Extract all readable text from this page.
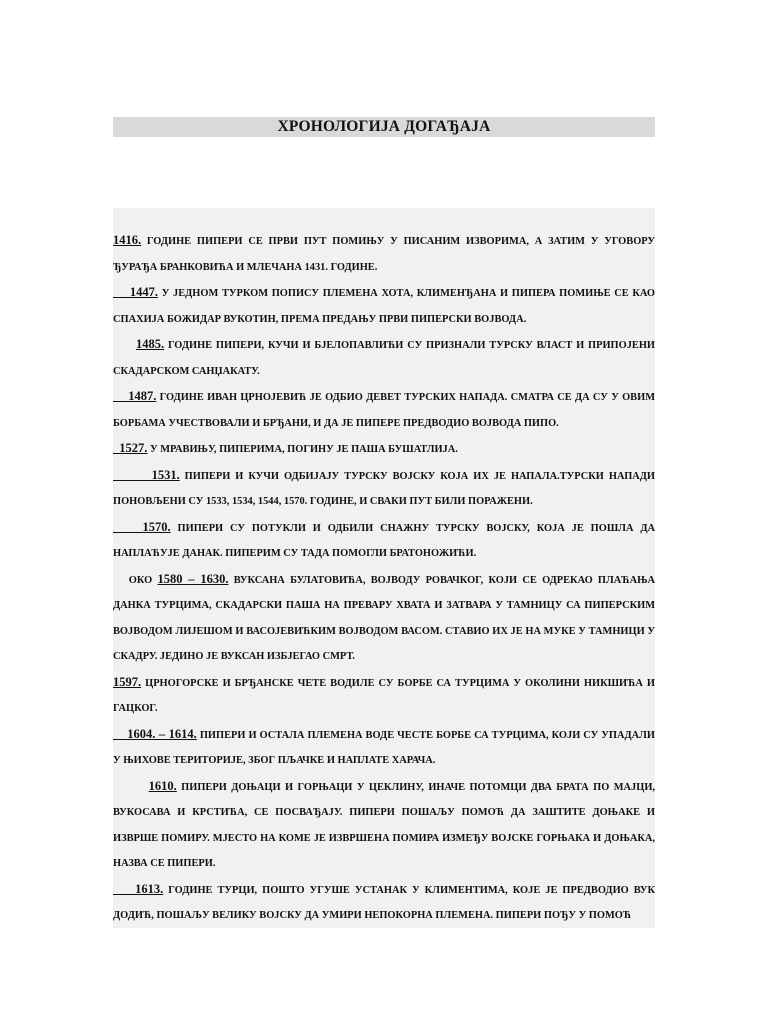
ХРОНОЛОГИЈА ДОГАЂАЈА

1416. ГОДИНЕ ПИПЕРИ СЕ ПРВИ ПУТ ПОМИЊУ У ПИСАНИМ ИЗВОРИМА, А ЗАТИМ У УГОВОРУ ЂУРАЂА БРАНКОВИЋА И МЛЕЧАНА 1431. ГОДИНЕ.

1447. У ЈЕДНОМ ТУРКОМ ПОПИСУ ПЛЕМЕНА ХОТА, КЛИМЕНЂАНА И ПИПЕРА ПОМИЊЕ СЕ КАО СПАХИЈА БОЖИДАР ВУКОТИН, ПРЕМА ПРЕДАЊУ ПРВИ ПИПЕРСКИ ВОЈВОДА.

1485. ГОДИНЕ ПИПЕРИ, КУЧИ И БЈЕЛОПАВЛИЋИ СУ ПРИЗНАЛИ ТУРСКУ ВЛАСТ И ПРИПОЈЕНИ СКАДАРСКОМ САНЏАКАТУ.

1487. ГОДИНЕ ИВАН ЦРНОЈЕВИЋ ЈЕ ОДБИО ДЕВЕТ ТУРСКИХ НАПАДА. СМАТРА СЕ ДА СУ У ОВИМ БОРБАМА УЧЕСТВОВАЛИ И БРЂАНИ, И ДА ЈЕ ПИПЕРЕ ПРЕДВОДИО ВОЈВОДА ПИПО.

1527. У МРАВИЊУ, ПИПЕРИМА, ПОГИНУ ЈЕ ПАША БУШАТЛИЈА.

1531. ПИПЕРИ И КУЧИ ОДБИЈАЈУ ТУРСКУ ВОЈСКУ КОЈА ИХ ЈЕ НАПАЛА.ТУРСКИ НАПАДИ ПОНОВЉЕНИ СУ 1533, 1534, 1544, 1570. ГОДИНЕ, И СВАКИ ПУТ БИЛИ ПОРАЖЕНИ.

1570. ПИПЕРИ СУ ПОТУКЛИ И ОДБИЛИ СНАЖНУ ТУРСКУ ВОЈСКУ, КОЈА ЈЕ ПОШЛА ДА НАПЛАЋУЈЕ ДАНАК. ПИПЕРИМ СУ ТАДА ПОМОГЛИ БРАТОНОЖИЋИ.

ОКО 1580 – 1630. ВУКСАНА БУЛАТОВИЋА, ВОЈВОДУ РОВАЧКОГ, КОЈИ СЕ ОДРЕКАО ПЛАЋАЊА ДАНКА ТУРЦИМА, СКАДАРСКИ ПАША НА ПРЕВАРУ ХВАТА И ЗАТВАРА У ТАМНИЦУ СА ПИПЕРСКИМ ВОЈВОДОМ ЛИЈЕШОМ И ВАСОЈЕВИЋКИМ ВОЈВОДОМ ВАСОМ. СТАВИО ИХ ЈЕ НА МУКЕ У ТАМНИЦИ У СКАДРУ. ЈЕДИНО ЈЕ ВУКСАН ИЗБЈЕГАО СМРТ.

1597. ЦРНОГОРСКЕ И БРЂАНСКЕ ЧЕТЕ ВОДИЛЕ СУ БОРБЕ СА ТУРЦИМА У ОКОЛИНИ НИКШИЋА И ГАЦКОГ.

1604. – 1614. ПИПЕРИ И ОСТАЛА ПЛЕМЕНА ВОДЕ ЧЕСТЕ БОРБЕ СА ТУРЦИМА, КОЈИ СУ УПАДАЛИ У ЊИХОВЕ ТЕРИТОРИЈЕ, ЗБОГ ПЉАЧКЕ И НАПЛАТЕ ХАРАЧА.

1610. ПИПЕРИ ДОЊАЦИ И ГОРЊАЦИ У ЦЕКЛИНУ, ИНАЧЕ ПОТОМЦИ ДВА БРАТА ПО МАЈЦИ, ВУКОСАВА И КРСТИЋА, СЕ ПОСВАЂАЈУ. ПИПЕРИ ПОШАЉУ ПОМОЋ ДА ЗАШТИТЕ ДОЊАКЕ И ИЗВРШЕ ПОМИРУ. МЈЕСТО НА КОМЕ ЈЕ ИЗВРШЕНА ПОМИРА ИЗМЕЂУ ВОЈСКЕ ГОРЊАКА И ДОЊАКА, НАЗВА СЕ ПИПЕРИ.

1613. ГОДИНЕ ТУРЦИ, ПОШТО УГУШЕ УСТАНАК У КЛИМЕНТИМА, КОЈЕ ЈЕ ПРЕДВОДИО ВУК ДОДИЋ, ПОШАЉУ ВЕЛИКУ ВОЈСКУ ДА УМИРИ НЕПОКОРНА ПЛЕМЕНА. ПИПЕРИ ПОЂУ У ПОМОЋ
